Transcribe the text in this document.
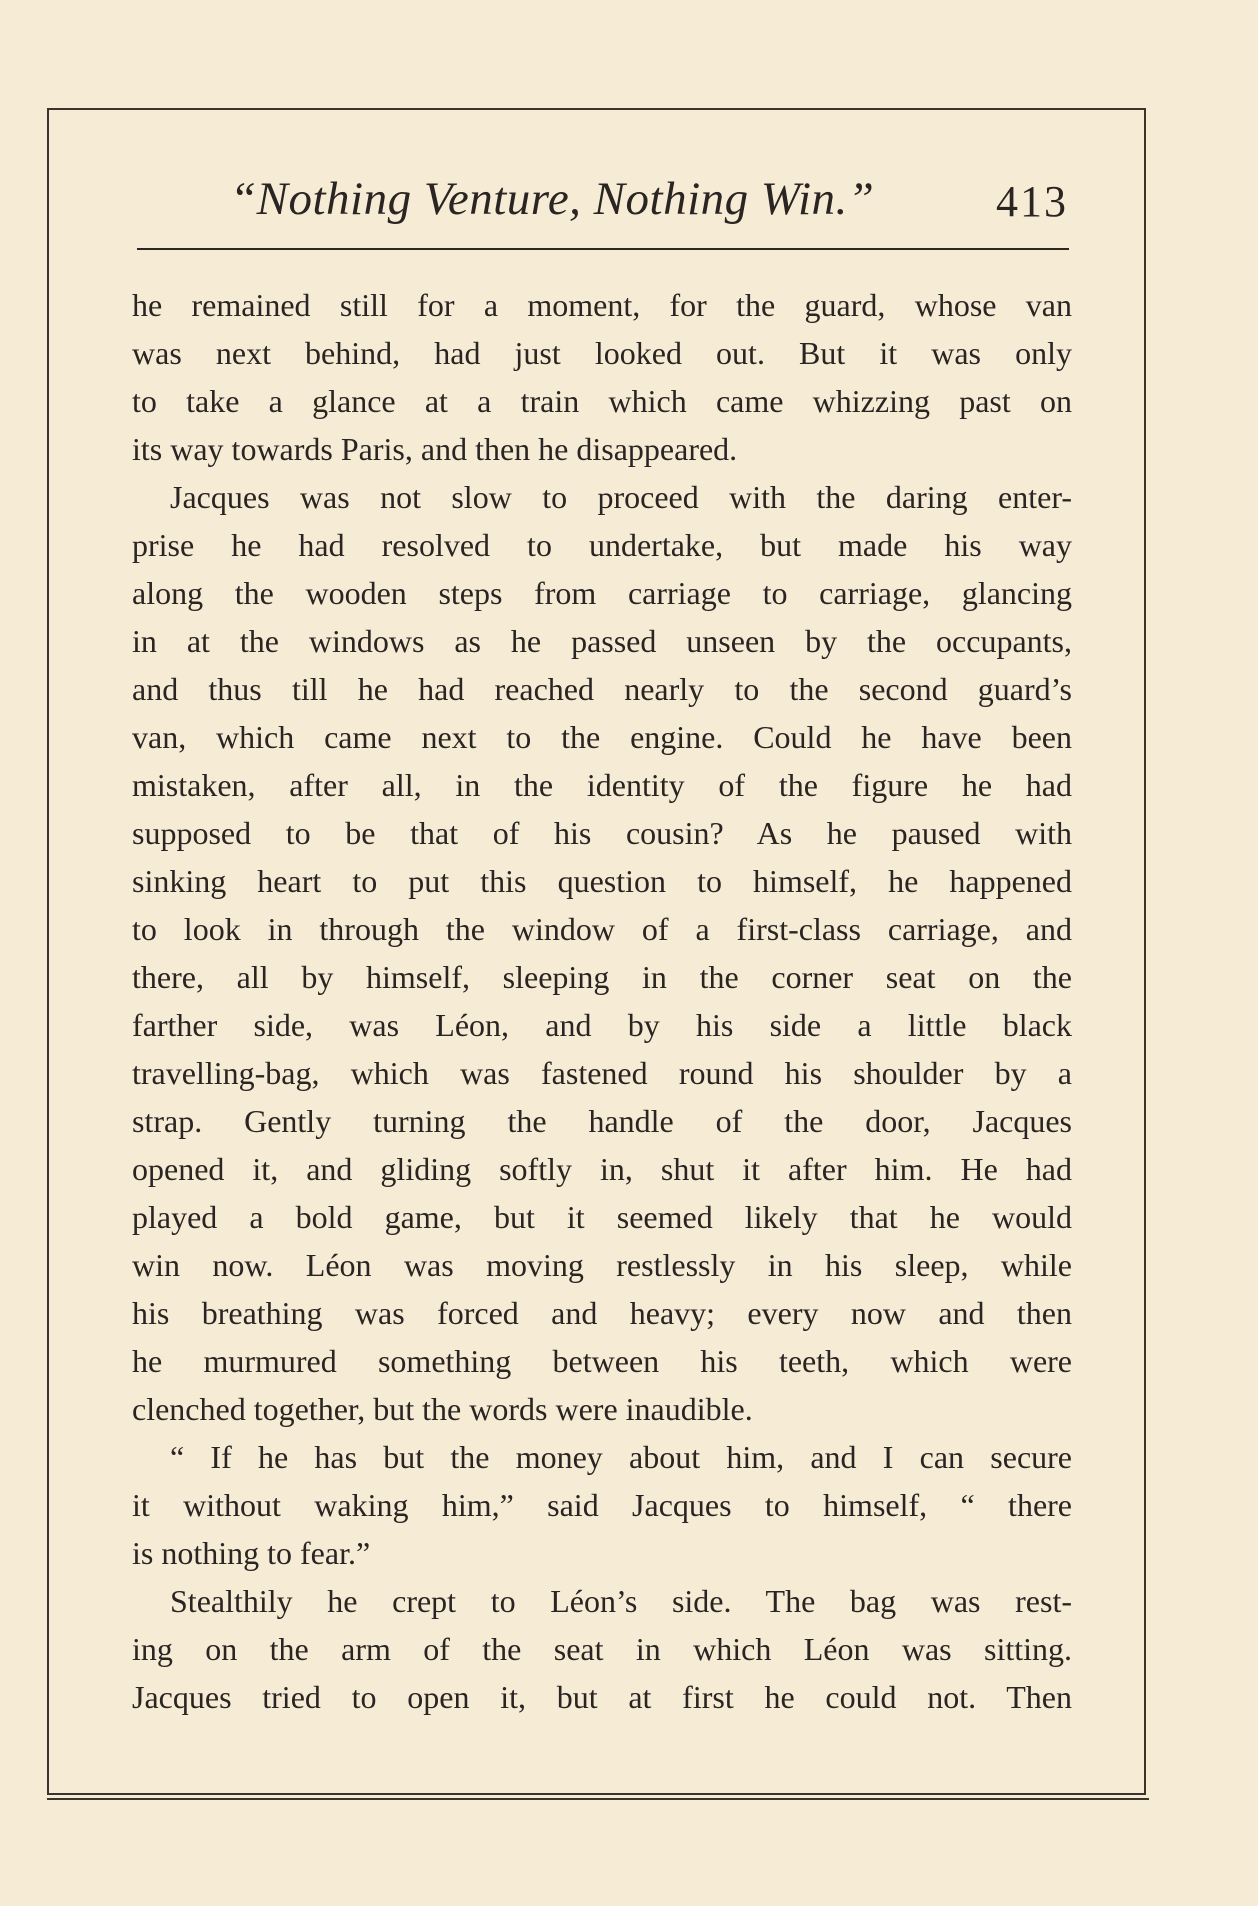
“Nothing Venture, Nothing Win.”	413
he remained still for a moment, for the guard, whose van
was next behind, had just looked out. But it was only
to take a glance at a train which came whizzing past on
its way towards Paris, and then he disappeared.
Jacques was not slow to proceed with the daring enter-
prise he had resolved to undertake, but made his way
along the wooden steps from carriage to carriage, glancing
in at the windows as he passed unseen by the occupants,
and thus till he had reached nearly to the second guard’s
van, which came next to the engine. Could he have been
mistaken, after all, in the identity of the figure he had
supposed to be that of his cousin? As he paused with
sinking heart to put this question to himself, he happened
to look in through the window of a first-class carriage, and
there, all by himself, sleeping in the corner seat on the
farther side, was Léon, and by his side a little black
travelling-bag, which was fastened round his shoulder by a
strap. Gently turning the handle of the door, Jacques
opened it, and gliding softly in, shut it after him. He had
played a bold game, but it seemed likely that he would
win now. Léon was moving restlessly in his sleep, while
his breathing was forced and heavy; every now and then
he murmured something between his teeth, which were
clenched together, but the words were inaudible.
“ If he has but the money about him, and I can secure
it without waking him,” said Jacques to himself, “ there
is nothing to fear.”
Stealthily he crept to Léon’s side. The bag was rest-
ing on the arm of the seat in which Léon was sitting.
Jacques tried to open it, but at first he could not. Then
